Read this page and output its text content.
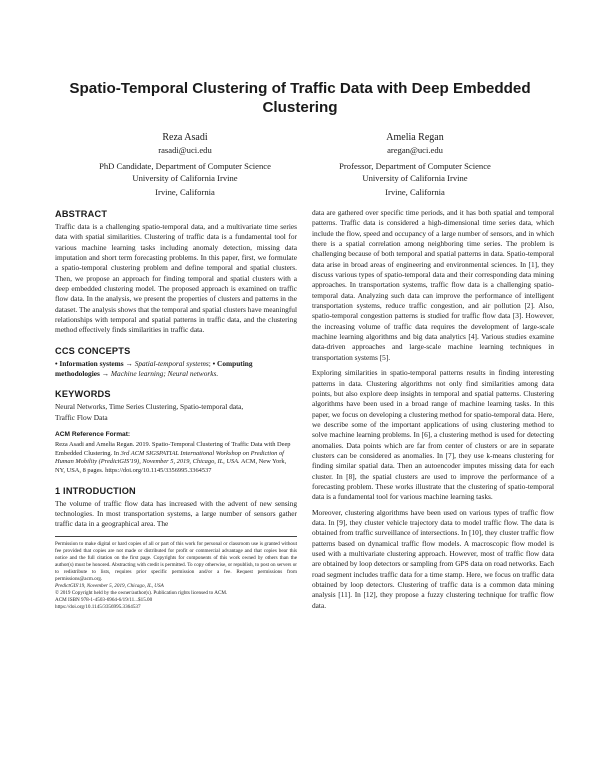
Spatio-Temporal Clustering of Traffic Data with Deep Embedded Clustering
Reza Asadi
rasadi@uci.edu
PhD Candidate, Department of Computer Science
University of California Irvine
Irvine, California
Amelia Regan
aregan@uci.edu
Professor, Department of Computer Science
University of California Irvine
Irvine, California
ABSTRACT

Traffic data is a challenging spatio-temporal data, and a multivariate time series data with spatial similarities. Clustering of traffic data is a fundamental tool for various machine learning tasks including anomaly detection, missing data imputation and short term forecasting problems. In this paper, first, we formulate a spatio-temporal clustering problem and define temporal and spatial clusters. Then, we propose an approach for finding temporal and spatial clusters with a deep embedded clustering model. The proposed approach is examined on traffic flow data. In the analysis, we present the properties of clusters and patterns in the dataset. The analysis shows that the temporal and spatial clusters have meaningful relationships with temporal and spatial patterns in traffic data, and the clustering method effectively finds similarities in traffic data.

CCS CONCEPTS

• Information systems → Spatial-temporal systems; • Computing methodologies → Machine learning; Neural networks.

KEYWORDS

Neural Networks, Time Series Clustering, Spatio-temporal data, Traffic Flow Data

ACM Reference Format:

Reza Asadi and Amelia Regan. 2019. Spatio-Temporal Clustering of Traffic Data with Deep Embedded Clustering. In 3rd ACM SIGSPATIAL International Workshop on Prediction of Human Mobility (PredictGIS'19), November 5, 2019, Chicago, IL, USA. ACM, New York, NY, USA, 8 pages. https://doi.org/10.1145/3356995.3364537

1 INTRODUCTION

The volume of traffic flow data has increased with the advent of new sensing technologies. In most transportation systems, a large number of sensors gather traffic data in a geographical area. The

Permission to make digital or hard copies of all or part of this work for personal or classroom use is granted without fee provided that copies are not made or distributed for profit or commercial advantage and that copies bear this notice and the full citation on the first page. Copyrights for components of this work owned by others than the author(s) must be honored. Abstracting with credit is permitted. To copy otherwise, or republish, to post on servers or to redistribute to lists, requires prior specific permission and/or a fee. Request permissions from permissions@acm.org.

PredictGIS'19, November 5, 2019, Chicago, IL, USA

© 2019 Copyright held by the owner/author(s). Publication rights licensed to ACM.

ACM ISBN 978-1-4503-6964-6/19/11...$15.00

https://doi.org/10.1145/3356995.3364537

data are gathered over specific time periods, and it has both spatial and temporal patterns. Traffic data is considered a high-dimensional time series data, which include the flow, speed and occupancy of a large number of sensors, and in which there is a spatial correlation among neighboring time series. The problem is challenging because of both temporal and spatial patterns in data. Spatio-temporal data arise in broad areas of engineering and environmental sciences. In [1], they discuss various types of spatio-temporal data and their corresponding data mining approaches. In transportation systems, traffic flow data is a challenging spatio-temporal data. Analyzing such data can improve the performance of intelligent transportation systems, reduce traffic congestion, and air pollution [2]. Also, spatio-temporal congestion patterns is studied for traffic flow data [3]. However, the increasing volume of traffic data requires the development of large-scale machine learning algorithms and big data analytics [4]. Various studies examine data-driven approaches and large-scale machine learning techniques in transportation systems [5].

Exploring similarities in spatio-temporal patterns results in finding interesting patterns in data. Clustering algorithms not only find similarities among data points, but also explore deep insights in temporal and spatial patterns. Clustering algorithms have been used in a broad range of machine learning tasks. In this paper, we focus on developing a clustering method for spatio-temporal data. Here, we describe some of the important applications of using clustering method to solve machine learning problems. In [6], a clustering method is used for detecting anomalies. Data points which are far from center of clusters or are in separate clusters can be considered as anomalies. In [7], they use k-means clustering for finding similar spatial data. Then an autoencoder imputes missing data for each cluster. In [8], the spatial clusters are used to improve the performance of a forecasting problem. These works illustrate that the clustering of spatio-temporal data is a fundamental tool for various machine learning tasks.

Moreover, clustering algorithms have been used on various types of traffic flow data. In [9], they cluster vehicle trajectory data to model traffic flow. The data is obtained from traffic surveillance of intersections. In [10], they cluster traffic flow patterns based on dynamical traffic flow models. A macroscopic flow model is used with a multivariate clustering approach. However, most of traffic flow data are obtained by loop detectors or sampling from GPS data on road networks. Each road segment includes traffic data for a time stamp. Here, we focus on traffic data obtained by loop detectors. Clustering of traffic data is a common data mining analysis [11]. In [12], they propose a fuzzy clustering technique for traffic flow data.
